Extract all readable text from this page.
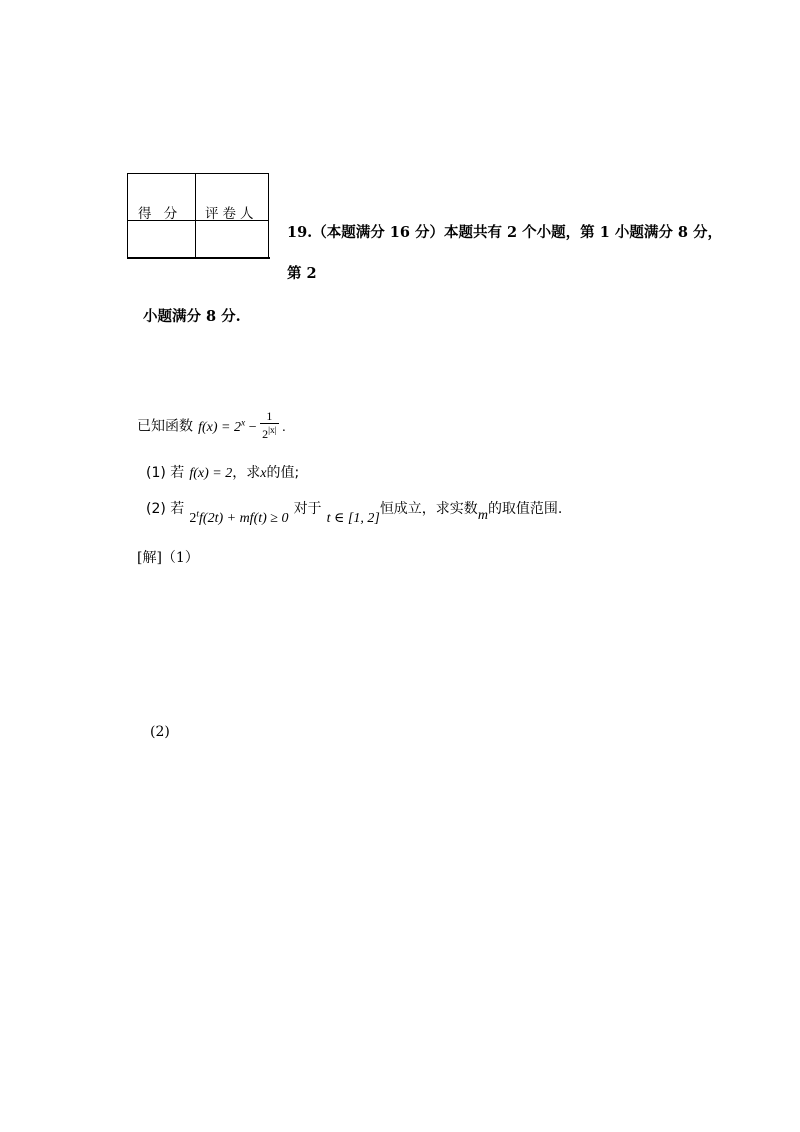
得 分 评卷人
19.（本题满分 16 分）本题共有 2 个小题，第 1 小题满分 8 分，
第 2
小题满分 8 分.
已知函数 $f(x) = 2^x - \frac{1}{2^{|x|}}$ .
(1) 若 f(x) = 2，求x的值;
(2) 若 $2^tf(2t) + mf(t) \ge 0$ 对于 t ∈ [1, 2]恒成立，求实数m的取值范围.
[解]（1）
(2)
